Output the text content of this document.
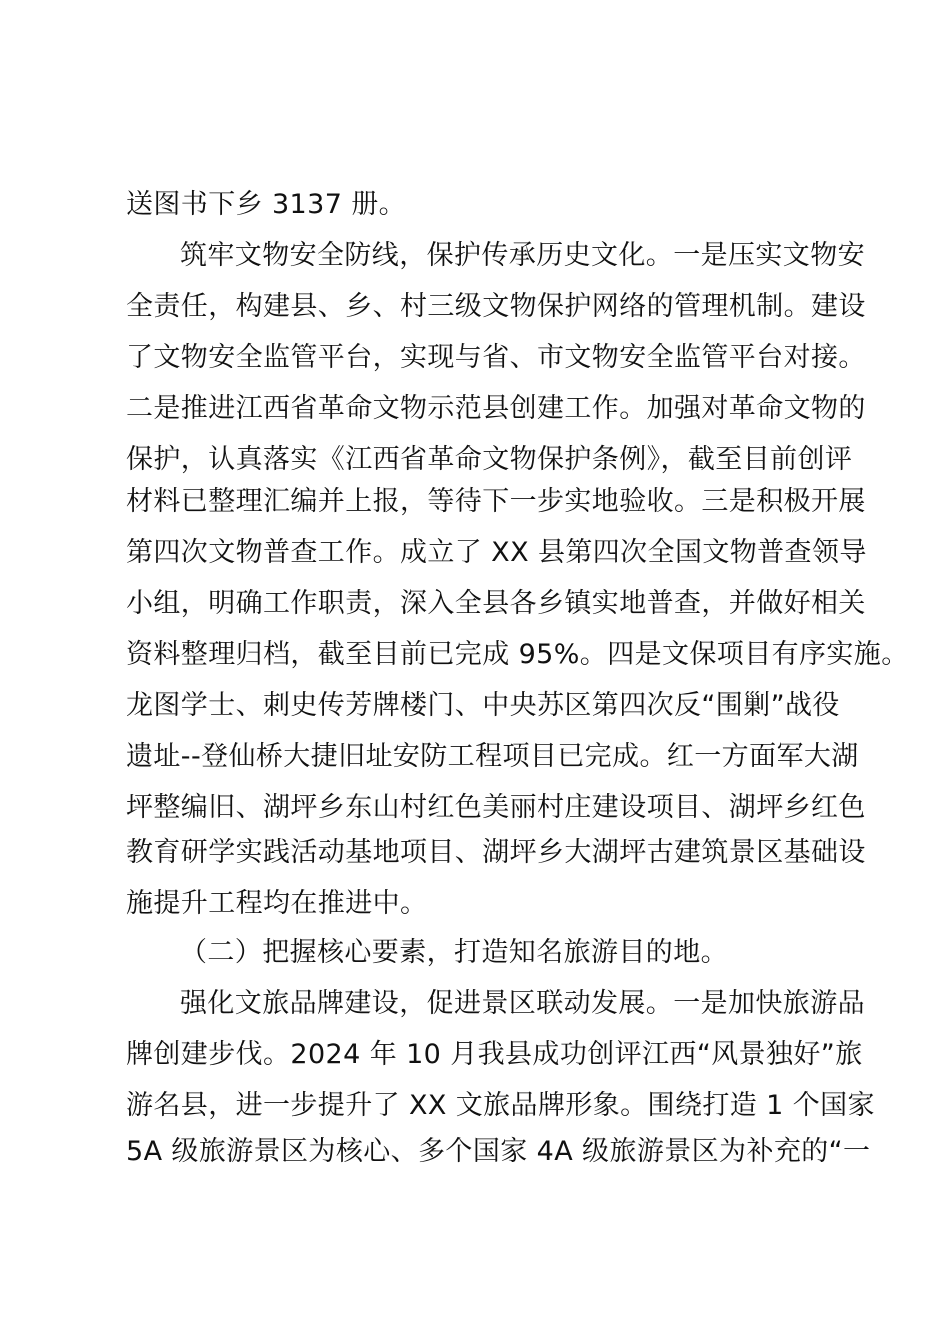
送图书下乡 3137 册。
筑牢文物安全防线，保护传承历史文化。一是压实文物安
全责任，构建县、乡、村三级文物保护网络的管理机制。建设
了文物安全监管平台，实现与省、市文物安全监管平台对接。
二是推进江西省革命文物示范县创建工作。加强对革命文物的
保护，认真落实《江西省革命文物保护条例》，截至目前创评
材料已整理汇编并上报，等待下一步实地验收。三是积极开展
第四次文物普查工作。成立了 XX 县第四次全国文物普查领导
小组，明确工作职责，深入全县各乡镇实地普查，并做好相关
资料整理归档，截至目前已完成 95%。四是文保项目有序实施。
龙图学士、刺史传芳牌楼门、中央苏区第四次反“围剿”战役
遗址--登仙桥大捷旧址安防工程项目已完成。红一方面军大湖
坪整编旧、湖坪乡东山村红色美丽村庄建设项目、湖坪乡红色
教育研学实践活动基地项目、湖坪乡大湖坪古建筑景区基础设
施提升工程均在推进中。
（二）把握核心要素，打造知名旅游目的地。
强化文旅品牌建设，促进景区联动发展。一是加快旅游品
牌创建步伐。2024 年 10 月我县成功创评江西“风景独好”旅
游名县，进一步提升了 XX 文旅品牌形象。围绕打造 1 个国家
5A 级旅游景区为核心、多个国家 4A 级旅游景区为补充的“一
